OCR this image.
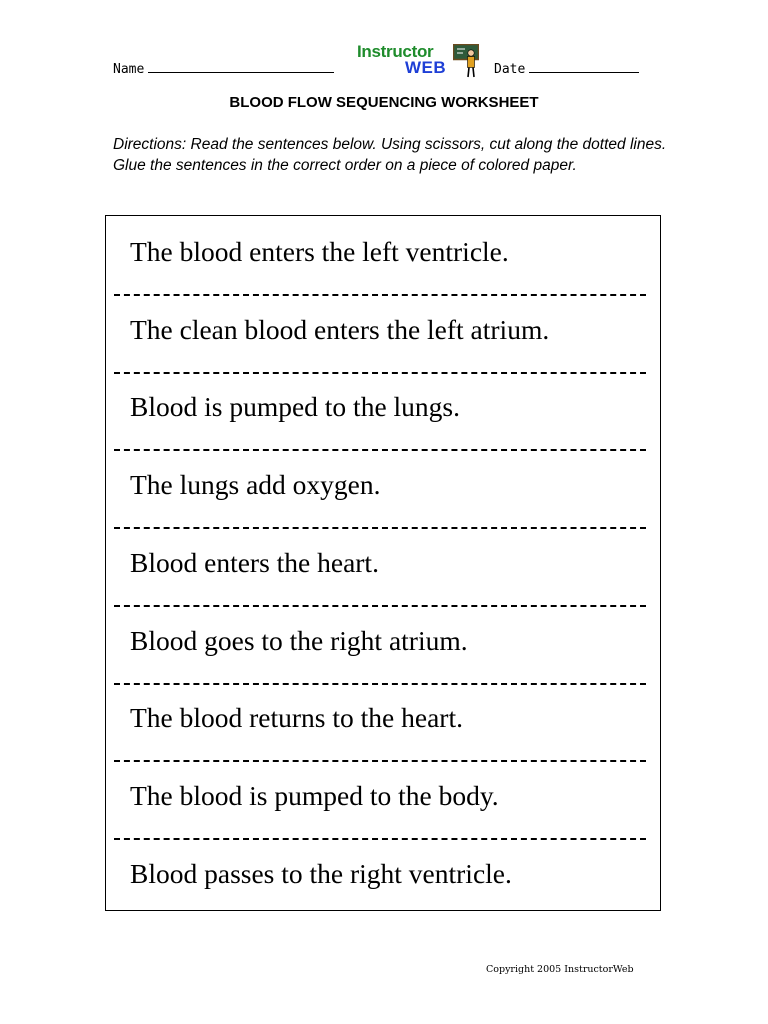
Name
Instructor
WEB	Date
BLOOD FLOW SEQUENCING WORKSHEET
Directions: Read the sentences below. Using scissors, cut along the dotted lines. Glue the sentences in the correct order on a piece of colored paper.
The blood enters the left ventricle.
The clean blood enters the left atrium.
Blood is pumped to the lungs.
The lungs add oxygen.
Blood enters the heart.
Blood goes to the right atrium.
The blood returns to the heart.
The blood is pumped to the body.
Blood passes to the right ventricle.
Copyright 2005 InstructorWeb
